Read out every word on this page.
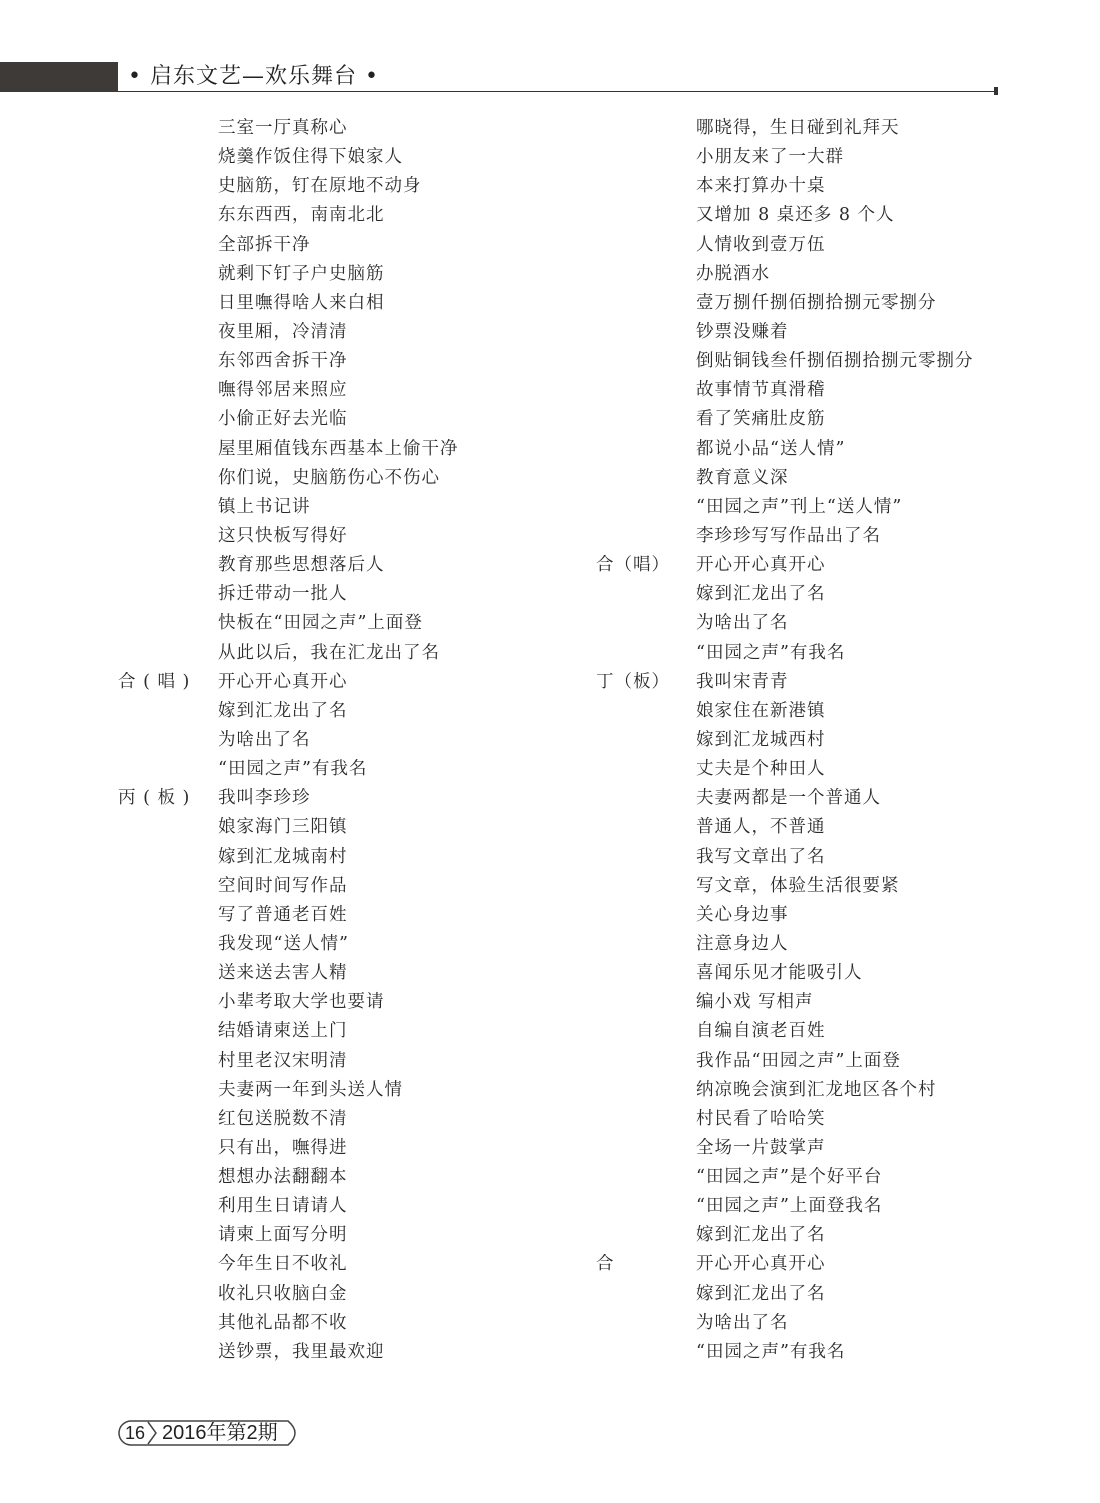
• 启东文艺—欢乐舞台 •
三室一厅真称心
烧羹作饭住得下娘家人
史脑筋，钉在原地不动身
东东西西，南南北北
全部拆干净
就剩下钉子户史脑筋
日里嘸得啥人来白相
夜里厢，冷清清
东邻西舍拆干净
嘸得邻居来照应
小偷正好去光临
屋里厢值钱东西基本上偷干净
你们说，史脑筋伤心不伤心
镇上书记讲
这只快板写得好
教育那些思想落后人
拆迁带动一批人
快板在“田园之声”上面登
从此以后，我在汇龙出了名
合 ( 唱 ) 开心开心真开心
嫁到汇龙出了名
为啥出了名
“田园之声”有我名
丙 ( 板 ) 我叫李珍珍
娘家海门三阳镇
嫁到汇龙城南村
空间时间写作品
写了普通老百姓
我发现“送人情”
送来送去害人精
小辈考取大学也要请
结婚请柬送上门
村里老汉宋明清
夫妻两一年到头送人情
红包送脱数不清
只有出，嘸得进
想想办法翻翻本
利用生日请请人
请柬上面写分明
今年生日不收礼
收礼只收脑白金
其他礼品都不收
送钞票，我里最欢迎
哪晓得，生日碰到礼拜天
小朋友来了一大群
本来打算办十桌
又增加 8 桌还多 8 个人
人情收到壹万伍
办脱酒水
壹万捌仟捌佰捌拾捌元零捌分
钞票没赚着
倒贴铜钱叁仟捌佰捌拾捌元零捌分
故事情节真滑稽
看了笑痛肚皮筋
都说小品“送人情”
教育意义深
“田园之声”刊上“送人情”
李珍珍写写作品出了名
合（唱） 开心开心真开心
嫁到汇龙出了名
为啥出了名
“田园之声”有我名
丁（板） 我叫宋青青
娘家住在新港镇
嫁到汇龙城西村
丈夫是个种田人
夫妻两都是一个普通人
普通人，不普通
我写文章出了名
写文章，体验生活很要紧
关心身边事
注意身边人
喜闻乐见才能吸引人
编小戏 写相声
自编自演老百姓
我作品“田园之声”上面登
纳凉晚会演到汇龙地区各个村
村民看了哈哈笑
全场一片鼓掌声
“田园之声”是个好平台
“田园之声”上面登我名
嫁到汇龙出了名
合	开心开心真开心
嫁到汇龙出了名
为啥出了名
“田园之声”有我名
16 2016年第2期
